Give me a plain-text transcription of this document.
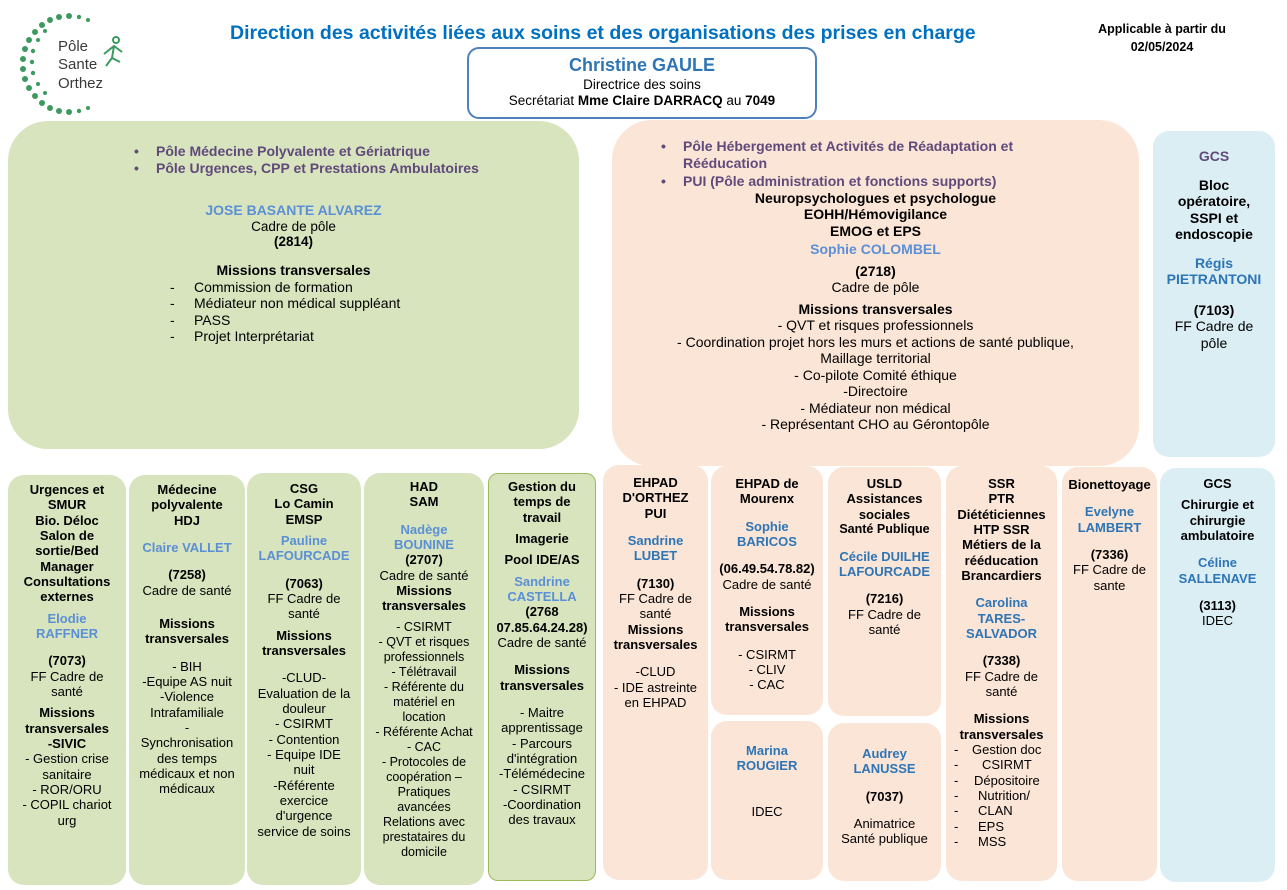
Pôle
Sante
Orthez
Direction des activités liées aux soins et des organisations des prises en charge	Applicable à partir du
02/05/2024
Christine GAULE
Directrice des soins
Secrétariat Mme Claire DARRACQ au 7049
• Pôle Médecine Polyvalente et Gériatrique
• Pôle Urgences, CPP et Prestations Ambulatoires
JOSE BASANTE ALVAREZ
Cadre de pôle
(2814)
Missions transversales
- Commission de formation
- Médiateur non médical suppléant
- PASS
- Projet Interprétariat
• Pôle Hébergement et Activités de Réadaptation et Rééducation
• PUI (Pôle administration et fonctions supports)
Neuropsychologues et psychologue
EOHH/Hémovigilance
EMOG et EPS
Sophie COLOMBEL
(2718)
Cadre de pôle
Missions transversales
- QVT et risques professionnels
- Coordination projet hors les murs et actions de santé publique,
Maillage territorial
- Co-pilote Comité éthique
-Directoire
- Médiateur non médical
- Représentant CHO au Gérontopôle
GCS
Bloc
opératoire,
SSPI et
endoscopie
Régis
PIETRANTONI
(7103)
FF Cadre de
pôle
Urgences et
SMUR
Bio. Déloc
Salon de
sortie/Bed
Manager
Consultations
externes
Elodie
RAFFNER
(7073)
FF Cadre de
santé
Missions
transversales
-SIVIC
- Gestion crise
sanitaire
- ROR/ORU
- COPIL chariot
urg
Médecine
polyvalente
HDJ
Claire VALLET
(7258)
Cadre de santé
Missions
transversales
- BIH
-Equipe AS nuit
-Violence
Intrafamiliale
-
Synchronisation
des temps
médicaux et non
médicaux
CSG
Lo Camin
EMSP
Pauline
LAFOURCADE
(7063)
FF Cadre de
santé
Missions
transversales
-CLUD-
Evaluation de la
douleur
- CSIRMT
- Contention
- Equipe IDE
nuit
-Référente
exercice
d'urgence
service de soins
HAD
SAM
Nadège
BOUNINE
(2707)
Cadre de santé
Missions
transversales
- CSIRMT
- QVT et risques
professionnels
- Télétravail
- Référente du
matériel en
location
- Référente Achat
- CAC
- Protocoles de
coopération –
Pratiques
avancées
Relations avec
prestataires du
domicile
Gestion du
temps de
travail
Imagerie
Pool IDE/AS
Sandrine
CASTELLA
(2768
07.85.64.24.28)
Cadre de santé
Missions
transversales
- Maitre
apprentissage
- Parcours
d'intégration
-Télémédecine
- CSIRMT
-Coordination
des travaux
EHPAD
D'ORTHEZ
PUI
Sandrine
LUBET
(7130)
FF Cadre de
santé
Missions
transversales
-CLUD
- IDE astreinte
en EHPAD
EHPAD de
Mourenx
Sophie
BARICOS
(06.49.54.78.82)
Cadre de santé
Missions
transversales
- CSIRMT
- CLIV
- CAC
Marina
ROUGIER
IDEC
USLD
Assistances
sociales
Santé Publique
Cécile DUILHE
LAFOURCADE
(7216)
FF Cadre de
santé
Audrey
LANUSSE
(7037)
Animatrice
Santé publique
SSR
PTR
Diététiciennes
HTP SSR
Métiers de la
rééducation
Brancardiers
Carolina
TARES-
SALVADOR
(7338)
FF Cadre de
santé
Missions
transversales
- Gestion doc
- CSIRMT
- Dépositoire
- Nutrition/
- CLAN
- EPS
- MSS
Bionettoyage
Evelyne
LAMBERT
(7336)
FF Cadre de
sante
GCS
Chirurgie et
chirurgie
ambulatoire
Céline
SALLENAVE
(3113)
IDEC
